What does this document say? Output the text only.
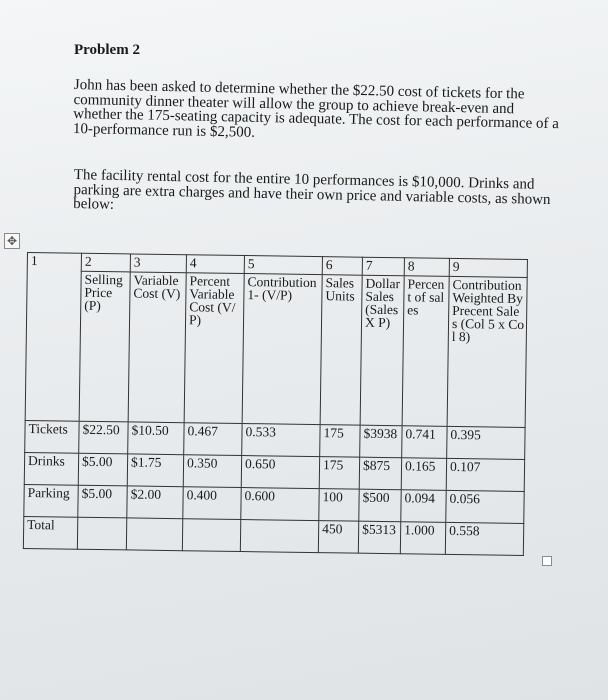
Problem 2

John has been asked to determine whether the $22.50 cost of tickets for the community dinner theater will allow the group to achieve break-even and whether the 175-seating capacity is adequate. The cost for each performance of a 10-performance run is $2,500.

The facility rental cost for the entire 10 performances is $10,000. Drinks and parking are extra charges and have their own price and variable costs, as shown below:

✥
1	2	3	4	5	6	7	8	9
	Selling Price (P)	Variable Cost (V)	Percent Variable Cost (V/P)	Contribution 1- (V/P)	Sales Units	Dollar Sales (Sales X P)	Percent of sales	Contribution Weighted By Precent Sales (Col 5 x Col 8)
Tickets	$22.50	$10.50	0.467	0.533	175	$3938	0.741	0.395
Drinks	$5.00	$1.75	0.350	0.650	175	$875	0.165	0.107
Parking	$5.00	$2.00	0.400	0.600	100	$500	0.094	0.056
Total					450	$5313	1.000	0.558
